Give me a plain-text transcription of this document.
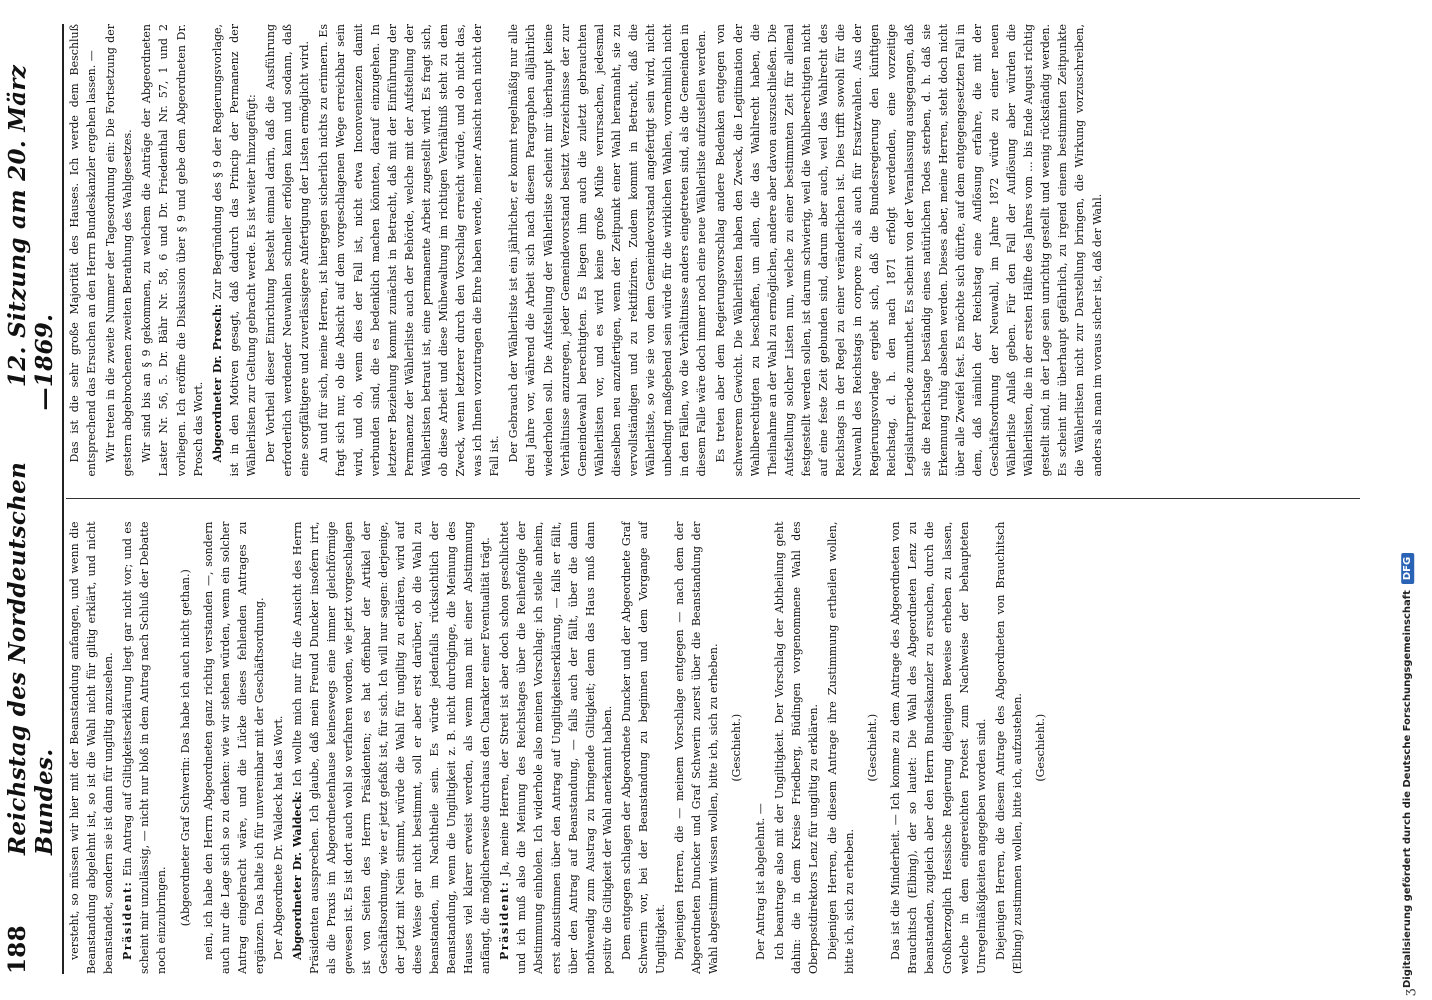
188
Reichstag des Norddeutschen Bundes.
—
12. Sitzung am 20. März 1869.

versteht, so müssen wir hier mit der Beanstandung anfangen, und wenn die Beanstandung abgelehnt ist, so ist die Wahl nicht für giltig erklärt, und nicht beanstandet, sondern sie ist dann für ungiltig anzusehen. Präsident: Ein Antrag auf Giltigkeitserklärung liegt gar nicht vor; und es scheint mir unzulässig, — nicht nur bloß in dem Antrag nach Schluß der Debatte noch einzubringen. (Abgeordneter Graf Schwerin: Das habe ich auch nicht gethan.) nein, ich habe den Herrn Abgeordneten ganz richtig verstanden —, sondern auch nur die Lage sich so zu denken: wie wir stehen würden, wenn ein solcher Antrag eingebracht wäre, und die Lücke dieses fehlenden Antrages zu ergänzen. Das halte ich für unvereinbar mit der Geschäftsordnung. Der Abgeordnete Dr. Waldeck hat das Wort. Abgeordneter Dr. Waldeck: Ich wollte mich nur für die Ansicht des Herrn Präsidenten aussprechen. Ich glaube, daß mein Freund Duncker insofern irrt, als die Praxis im Abgeordnetenhause keineswegs eine immer gleichförmige gewesen ist. Es ist dort auch wohl so verfahren worden, wie jetzt vorgeschlagen ist von Seiten des Herrn Präsidenten; es hat offenbar der Artikel der Geschäftsordnung, wie er jetzt gefaßt ist, für sich. Ich will nur sagen: derjenige, der jetzt mit Nein stimmt, würde die Wahl für ungiltig zu erklären, wird auf diese Weise gar nicht bestimmt, soll er aber erst darüber, ob die Wahl zu beanstanden, im Nachtheile sein. Es würde jedenfalls rücksichtlich der Beanstandung, wenn die Ungiltigkeit z. B. nicht durchginge, die Meinung des Hauses viel klarer erweist werden, als wenn man mit einer Abstimmung anfängt, die möglicherweise durchaus den Charakter einer Eventualität trägt. Präsident: Ja, meine Herren, der Streit ist aber doch schon geschlichtet und ich muß also die Meinung des Reichstages über die Reihenfolge der Abstimmung einholen. Ich widerhole also meinen Vorschlag: ich stelle anheim, erst abzustimmen über den Antrag auf Ungiltigkeitserklärung, — falls er fällt, über den Antrag auf Beanstandung, — falls auch der fällt, über die dann nothwendig zum Austrag zu bringende Giltigkeit; denn das Haus muß dann positiv die Giltigkeit der Wahl anerkannt haben. Dem entgegen schlagen der Abgeordnete Duncker und der Abgeordnete Graf Schwerin vor, bei der Beanstandung zu beginnen und dem Vorgange auf Ungiltigkeit. Diejenigen Herren, die — meinem Vorschlage entgegen — nach dem der Abgeordneten Duncker und Graf Schwerin zuerst über die Beanstandung der Wahl abgestimmt wissen wollen, bitte ich, sich zu erheben. (Geschieht.)

Der Antrag ist abgelehnt. — Ich beantrage also mit der Ungiltigkeit. Der Vorschlag der Abtheilung geht dahin: die in dem Kreise Friedberg, Büdingen vorgenommene Wahl des Oberpostdirektors Lenz für ungiltig zu erklären. Diejenigen Herren, die diesem Antrage ihre Zustimmung ertheilen wollen, bitte ich, sich zu erheben.

(Geschieht.) Das ist die Minderheit. — Ich komme zu dem Antrage des Abgeordneten von Brauchitsch (Elbing), der so lautet: Die Wahl des Abgeordneten Lenz zu beanstanden, zugleich aber den Herrn Bundeskanzler zu ersuchen, durch die Großherzoglich Hessische Regierung diejenigen Beweise erheben zu lassen, welche in dem eingereichten Protest zum Nachweise der behaupteten Unregelmäßigkeiten angegeben worden sind. Diejenigen Herren, die diesem Antrage des Abgeordneten von Brauchitsch (Elbing) zustimmen wollen, bitte ich, aufzustehen. (Geschieht.)

Das ist die sehr große Majorität des Hauses. Ich werde dem Beschluß entsprechend das Ersuchen an den Herrn Bundeskanzler ergehen lassen. — Wir treten in die zweite Nummer der Tagesordnung ein: Die Fortsetzung der gestern abgebrochenen zweiten Berathung des Wahlgesetzes. Wir sind bis an § 9 gekommen, zu welchem die Anträge der Abgeordneten Laster Nr. 56, 5. Dr. Bähr Nr. 58, 6 und Dr. Friedenthal Nr. 57, 1 und 2 vorliegen. Ich eröffne die Diskussion über § 9 und gebe dem Abgeordneten Dr. Prosch das Wort. Abgeordneter Dr. Prosch: Zur Begründung des § 9 der Regierungsvorlage, ist in den Motiven gesagt, daß dadurch das Princip der Permanenz der Wählerlisten zur Geltung gebracht werde. Es ist weiter hinzugefügt: Der Vortheil dieser Einrichtung besteht einmal darin, daß die Ausführung erforderlich werdender Neuwahlen schneller erfolgen kann und sodann, daß eine sorgfältigere und zuverlässigere Anfertigung der Listen ermöglicht wird. An und für sich, meine Herren, ist hiergegen sicherlich nichts zu erinnern. Es fragt sich nur, ob die Absicht auf dem vorgeschlagenen Wege erreichbar sein wird, und ob, wenn dies der Fall ist, nicht etwa Inconvenienzen damit verbunden sind, die es bedenklich machen könnten, darauf einzugehen. In letzterer Beziehung kommt zunächst in Betracht, daß mit der Einführung der Permanenz der Wählerliste auch der Behörde, welche mit der Aufstellung der Wählerlisten betraut ist, eine permanente Arbeit zugestellt wird. Es fragt sich, ob diese Arbeit und diese Mühewaltung im richtigen Verhältniß steht zu dem Zweck, wenn letzterer durch den Vorschlag erreicht würde, und ob nicht das, was ich Ihnen vorzutragen die Ehre haben werde, meiner Ansicht nach nicht der Fall ist. Der Gebrauch der Wählerliste ist ein jährlicher, er kommt regelmäßig nur alle drei Jahre vor, während die Arbeit sich nach diesem Paragraphen alljährlich wiederholen soll. Die Aufstellung der Wählerliste scheint mir überhaupt keine Verhältnisse anzuregen, jeder Gemeindevorstand besitzt Verzeichnisse der zur Gemeindewahl berechtigten. Es liegen ihm auch die zuletzt gebrauchten Wählerlisten vor, und es wird keine große Mühe verursachen, jedesmal dieselben neu anzufertigen, wenn der Zeitpunkt einer Wahl herannaht, sie zu vervollständigen und zu rektifiziren. Zudem kommt in Betracht, daß die Wählerliste, so wie sie von dem Gemeindevorstand angefertigt sein wird, nicht unbedingt maßgebend sein würde für die wirklichen Wahlen, vornehmlich nicht in den Fällen, wo die Verhältnisse anders eingetreten sind, als die Gemeinden in diesem Falle wäre doch immer noch eine neue Wählerliste aufzustellen werden. Es treten aber dem Regierungsvorschlag andere Bedenken entgegen von schwererem Gewicht. Die Wählerlisten haben den Zweck, die Legitimation der Wahlberechtigten zu beschaffen, um allen, die das Wahlrecht haben, die Theilnahme an der Wahl zu ermöglichen, andere aber davon auszuschließen. Die Aufstellung solcher Listen nun, welche zu einer bestimmten Zeit für allemal festgestellt werden sollen, ist darum schwierig, weil die Wahlberechtigten nicht auf eine feste Zeit gebunden sind, darum aber auch, weil das Wahlrecht des Reichstags in der Regel zu einer veränderlichen ist. Dies trifft sowohl für die Neuwahl des Reichstags in corpore zu, als auch für Ersatzwahlen. Aus der Regierungsvorlage ergiebt sich, daß die Bundesregierung den künftigen Reichstag, d. h. den nach 1871 erfolgt werdenden, eine vorzeitige Legislaturperiode zumuthet. Es scheint von der Veranlassung ausgegangen, daß sie die Reichstage beständig eines natürlichen Todes sterben, d. h. daß sie Erkennung ruhig absehen werden. Dieses aber, meine Herren, steht doch nicht über alle Zweifel fest. Es möchte sich dürfte, auf dem entgegengesetzten Fall in dem, daß nämlich der Reichstag eine Auflösung erfahre, die mit der Geschäftsordnung der Neuwahl, im Jahre 1872 würde zu einer neuen Wählerliste Anlaß geben. Für den Fall der Auflösung aber würden die Wählerlisten, die in der ersten Hälfte des Jahres vom ... bis Ende August richtig gestellt sind, in der Lage sein unrichtig gestellt und wenig rückständig werden. Es scheint mir überhaupt gefährlich, zu irgend einem bestimmten Zeitpunkte die Wählerlisten nicht zur Darstellung bringen, die Wirkung vorzuschreiben, anders als man im voraus sicher ist, daß der Wahl.

ʒ
Digitalisierung gefördert durch die Deutsche Forschungsgemeinschaft
DFG
